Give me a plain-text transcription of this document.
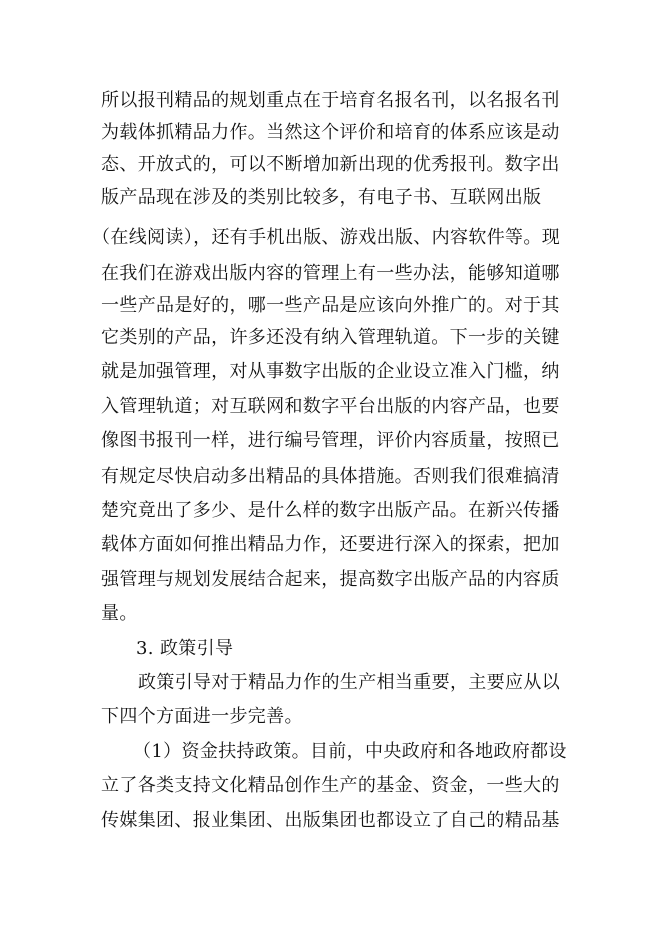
所以报刊精品的规划重点在于培育名报名刊，以名报名刊
为载体抓精品力作。当然这个评价和培育的体系应该是动
态、开放式的，可以不断增加新出现的优秀报刊。数字出
版产品现在涉及的类别比较多，有电子书、互联网出版
（在线阅读），还有手机出版、游戏出版、内容软件等。现
在我们在游戏出版内容的管理上有一些办法，能够知道哪
一些产品是好的，哪一些产品是应该向外推广的。对于其
它类别的产品，许多还没有纳入管理轨道。下一步的关键
就是加强管理，对从事数字出版的企业设立准入门槛，纳
入管理轨道；对互联网和数字平台出版的内容产品，也要
像图书报刊一样，进行编号管理，评价内容质量，按照已
有规定尽快启动多出精品的具体措施。否则我们很难搞清
楚究竟出了多少、是什么样的数字出版产品。在新兴传播
载体方面如何推出精品力作，还要进行深入的探索，把加
强管理与规划发展结合起来，提高数字出版产品的内容质
量。
3. 政策引导
政策引导对于精品力作的生产相当重要，主要应从以
下四个方面进一步完善。
（1）资金扶持政策。目前，中央政府和各地政府都设
立了各类支持文化精品创作生产的基金、资金，一些大的
传媒集团、报业集团、出版集团也都设立了自己的精品基
